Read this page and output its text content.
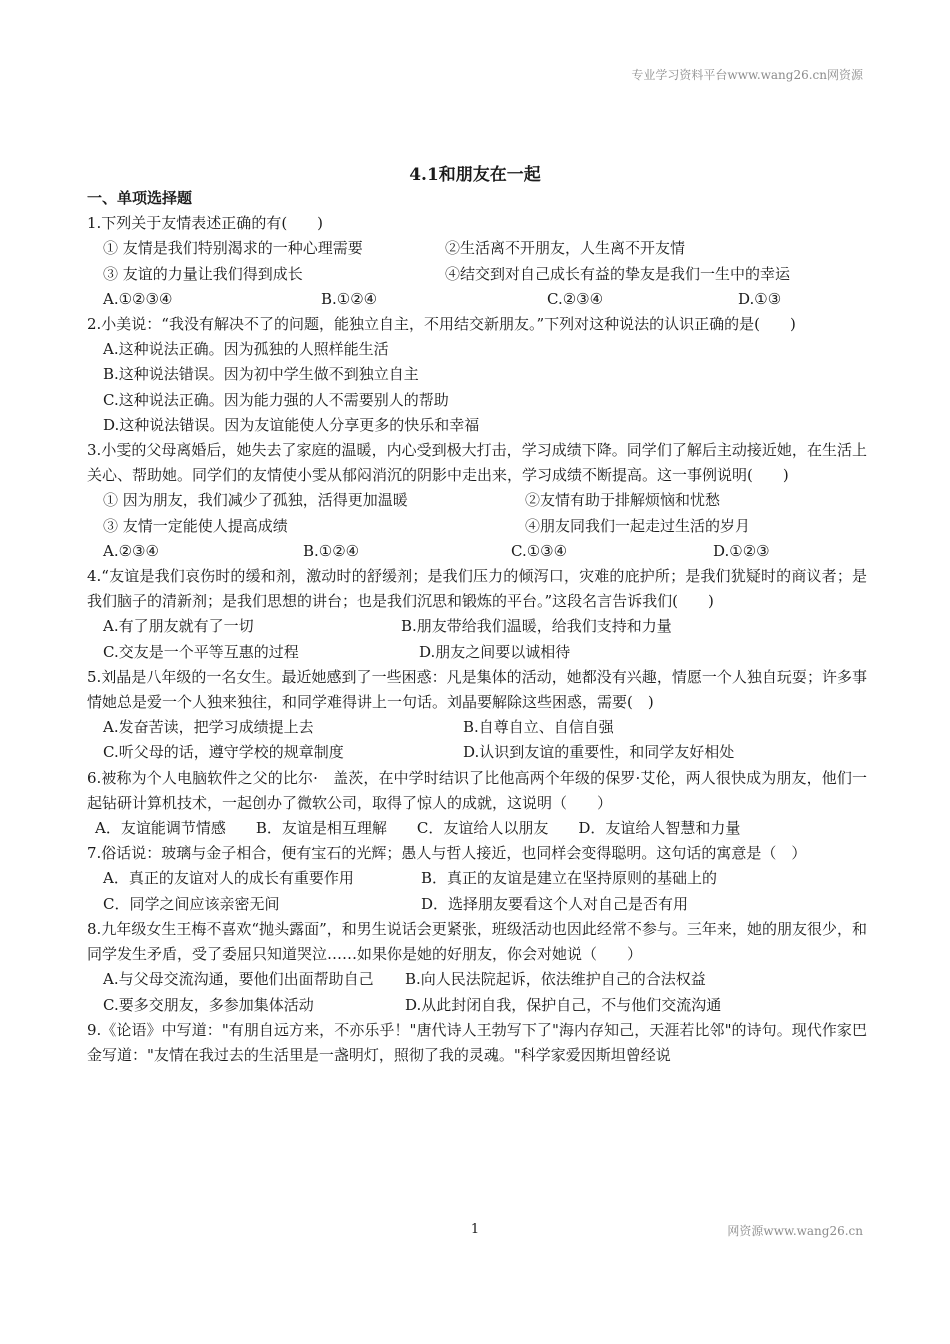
专业学习资料平台www.wang26.cn网资源
4.1和朋友在一起
一、单项选择题
1.下列关于友情表述正确的有(　　)
① 友情是我们特别渴求的一种心理需要	②生活离不开朋友，人生离不开友情
③ 友谊的力量让我们得到成长	④结交到对自己成长有益的挚友是我们一生中的幸运
A.①②③④	B.①②④	C.②③④	D.①③
2.小美说：“我没有解决不了的问题，能独立自主，不用结交新朋友。”下列对这种说法的认识正确的是(　　)
A.这种说法正确。因为孤独的人照样能生活
B.这种说法错误。因为初中学生做不到独立自主
C.这种说法正确。因为能力强的人不需要别人的帮助
D.这种说法错误。因为友谊能使人分享更多的快乐和幸福
3.小雯的父母离婚后，她失去了家庭的温暖，内心受到极大打击，学习成绩下降。同学们了解后主动接近她，在生活上关心、帮助她。同学们的友情使小雯从郁闷消沉的阴影中走出来，学习成绩不断提高。这一事例说明(　　)
① 因为朋友，我们减少了孤独，活得更加温暖	②友情有助于排解烦恼和忧愁
③ 友情一定能使人提高成绩	④朋友同我们一起走过生活的岁月
A.②③④	B.①②④	C.①③④	D.①②③
4.“友谊是我们哀伤时的缓和剂，激动时的舒缓剂；是我们压力的倾泻口，灾难的庇护所；是我们犹疑时的商议者；是我们脑子的清新剂；是我们思想的讲台；也是我们沉思和锻炼的平台。”这段名言告诉我们(　　)
A.有了朋友就有了一切	B.朋友带给我们温暖，给我们支持和力量
C.交友是一个平等互惠的过程	D.朋友之间要以诚相待
5.刘晶是八年级的一名女生。最近她感到了一些困惑：凡是集体的活动，她都没有兴趣，情愿一个人独自玩耍；许多事情她总是爱一个人独来独往，和同学难得讲上一句话。刘晶要解除这些困惑，需要(　)
A.发奋苦读，把学习成绩提上去	B.自尊自立、自信自强
C.听父母的话，遵守学校的规章制度	D.认识到友谊的重要性，和同学友好相处
6.被称为个人电脑软件之父的比尔·　盖茨，在中学时结识了比他高两个年级的保罗·艾伦，两人很快成为朋友，他们一起钻研计算机技术，一起创办了微软公司，取得了惊人的成就，这说明（　　）
A．友谊能调节情感　　B．友谊是相互理解　　C．友谊给人以朋友　　D．友谊给人智慧和力量
7.俗话说：玻璃与金子相合，便有宝石的光辉；愚人与哲人接近，也同样会变得聪明。这句话的寓意是（　）
A．真正的友谊对人的成长有重要作用	B．真正的友谊是建立在坚持原则的基础上的
C．同学之间应该亲密无间	D．选择朋友要看这个人对自己是否有用
8.九年级女生王梅不喜欢“抛头露面”，和男生说话会更紧张，班级活动也因此经常不参与。三年来，她的朋友很少，和同学发生矛盾，受了委屈只知道哭泣……如果你是她的好朋友，你会对她说（　　）
A.与父母交流沟通，要他们出面帮助自己	B.向人民法院起诉，依法维护自己的合法权益
C.要多交朋友，多参加集体活动	D.从此封闭自我，保护自己，不与他们交流沟通
9.《论语》中写道："有朋自远方来，不亦乐乎！"唐代诗人王勃写下了"海内存知己，天涯若比邻"的诗句。现代作家巴金写道："友情在我过去的生活里是一盏明灯，照彻了我的灵魂。"科学家爱因斯坦曾经说
1	网资源www.wang26.cn
